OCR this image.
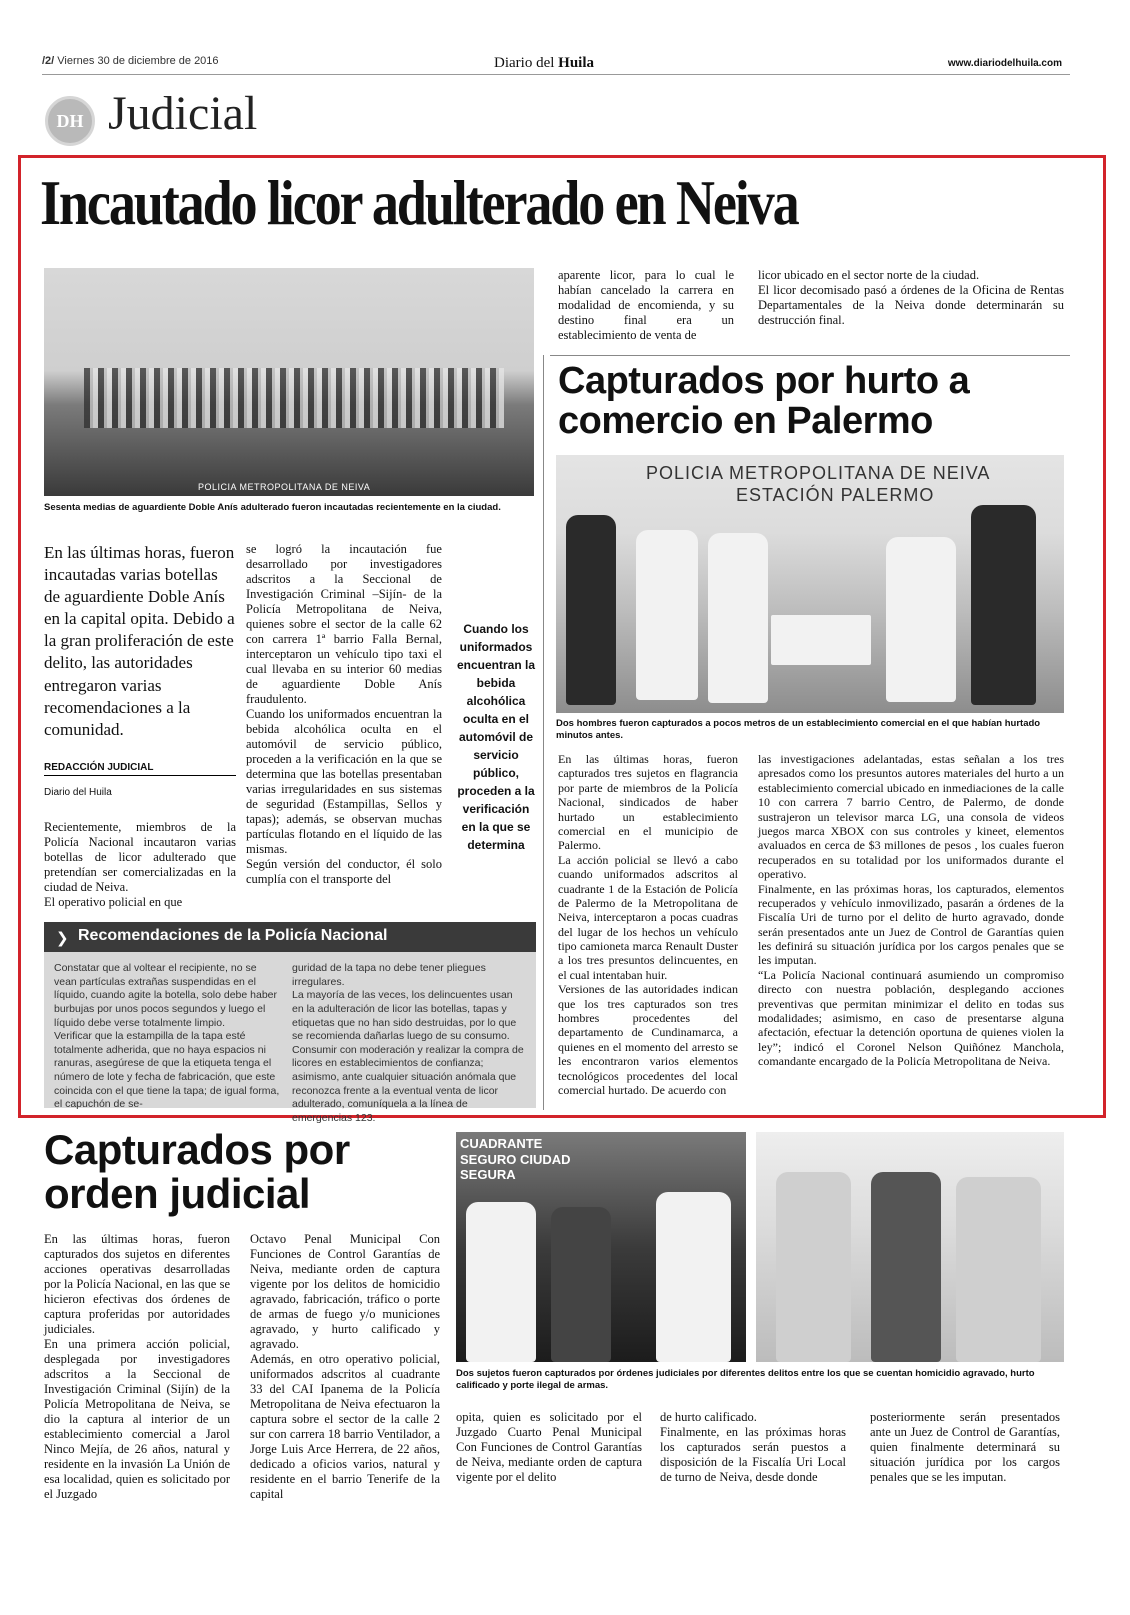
/2/ Viernes 30 de diciembre de 2016	Diario del Huila	www.diariodelhuila.com
DH Judicial
Incautado licor adulterado en Neiva
POLICIA METROPOLITANA DE NEIVA
Sesenta medias de aguardiente Doble Anís adulterado fueron incautadas recientemente en la ciudad.
En las últimas horas, fueron incautadas varias botellas de aguardiente Doble Anís en la capital opita. Debido a la gran proliferación de este delito, las autoridades entregaron varias recomendaciones a la comunidad.
REDACCIÓN JUDICIAL
Diario del Huila
Recientemente, miembros de la Policía Nacional incautaron varias botellas de licor adulterado que pretendían ser comercializadas en la ciudad de Neiva.
El operativo policial en que
se logró la incautación fue desarrollado por investigadores adscritos a la Seccional de Investigación Criminal –Sijín- de la Policía Metropolitana de Neiva, quienes sobre el sector de la calle 62 con carrera 1ª barrio Falla Bernal, interceptaron un vehículo tipo taxi el cual llevaba en su interior 60 medias de aguardiente Doble Anís fraudulento.
Cuando los uniformados encuentran la bebida alcohólica oculta en el automóvil de servicio público, proceden a la verificación en la que se determina que las botellas presentaban varias irregularidades en sus sistemas de seguridad (Estampillas, Sellos y tapas); además, se observan muchas partículas flotando en el líquido de las mismas.
Según versión del conductor, él solo cumplía con el transporte del
Cuando los uniformados encuentran la bebida alcohólica oculta en el automóvil de servicio público, proceden a la verificación en la que se determina
aparente licor, para lo cual le habían cancelado la carrera en modalidad de encomienda, y su destino final era un establecimiento de venta de
licor ubicado en el sector norte de la ciudad.
El licor decomisado pasó a órdenes de la Oficina de Rentas Departamentales de la Neiva donde determinarán su destrucción final.
Recomendaciones de la Policía Nacional
❯
Constatar que al voltear el recipiente, no se vean partículas extrañas suspendidas en el líquido, cuando agite la botella, solo debe haber burbujas por unos pocos segundos y luego el líquido debe verse totalmente limpio.
Verificar que la estampilla de la tapa esté totalmente adherida, que no haya espacios ni ranuras, asegúrese de que la etiqueta tenga el número de lote y fecha de fabricación, que este coincida con el que tiene la tapa; de igual forma, el capuchón de se-
guridad de la tapa no debe tener pliegues irregulares.
La mayoría de las veces, los delincuentes usan en la adulteración de licor las botellas, tapas y etiquetas que no han sido destruidas, por lo que se recomienda dañarlas luego de su consumo.
Consumir con moderación y realizar la compra de licores en establecimientos de confianza; asimismo, ante cualquier situación anómala que reconozca frente a la eventual venta de licor adulterado, comuníquela a la línea de emergencias 123.
Capturados por hurto a comercio en Palermo
POLICIA METROPOLITANA DE NEIVA
ESTACIÓN PALERMO
Dos hombres fueron capturados a pocos metros de un establecimiento comercial en el que habían hurtado minutos antes.
En las últimas horas, fueron capturados tres sujetos en flagrancia por parte de miembros de la Policía Nacional, sindicados de haber hurtado un establecimiento comercial en el municipio de Palermo.
La acción policial se llevó a cabo cuando uniformados adscritos al cuadrante 1 de la Estación de Policía de Palermo de la Metropolitana de Neiva, interceptaron a pocas cuadras del lugar de los hechos un vehículo tipo camioneta marca Renault Duster a los tres presuntos delincuentes, en el cual intentaban huir.
Versiones de las autoridades indican que los tres capturados son tres hombres procedentes del departamento de Cundinamarca, a quienes en el momento del arresto se les encontraron varios elementos tecnológicos procedentes del local comercial hurtado. De acuerdo con
las investigaciones adelantadas, estas señalan a los tres apresados como los presuntos autores materiales del hurto a un establecimiento comercial ubicado en inmediaciones de la calle 10 con carrera 7 barrio Centro, de Palermo, de donde sustrajeron un televisor marca LG, una consola de videos juegos marca XBOX con sus controles y kineet, elementos avaluados en cerca de $3 millones de pesos , los cuales fueron recuperados en su totalidad por los uniformados durante el operativo.
Finalmente, en las próximas horas, los capturados, elementos recuperados y vehículo inmovilizado, pasarán a órdenes de la Fiscalía Uri de turno por el delito de hurto agravado, donde serán presentados ante un Juez de Control de Garantías quien les definirá su situación jurídica por los cargos penales que se les imputan.
“La Policía Nacional continuará asumiendo un compromiso directo con nuestra población, desplegando acciones preventivas que permitan minimizar el delito en todas sus modalidades; asimismo, en caso de presentarse alguna afectación, efectuar la detención oportuna de quienes violen la ley”; indicó el Coronel Nelson Quiñónez Manchola, comandante encargado de la Policía Metropolitana de Neiva.
Capturados por orden judicial
CUADRANTE SEGURO CIUDAD SEGURA
Dos sujetos fueron capturados por órdenes judiciales por diferentes delitos entre los que se cuentan homicidio agravado, hurto calificado y porte ilegal de armas.
En las últimas horas, fueron capturados dos sujetos en diferentes acciones operativas desarrolladas por la Policía Nacional, en las que se hicieron efectivas dos órdenes de captura proferidas por autoridades judiciales.
En una primera acción policial, desplegada por investigadores adscritos a la Seccional de Investigación Criminal (Sijín) de la Policía Metropolitana de Neiva, se dio la captura al interior de un establecimiento comercial a Jarol Ninco Mejía, de 26 años, natural y residente en la invasión La Unión de esa localidad, quien es solicitado por el Juzgado
Octavo Penal Municipal Con Funciones de Control Garantías de Neiva, mediante orden de captura vigente por los delitos de homicidio agravado, fabricación, tráfico o porte de armas de fuego y/o municiones agravado, y hurto calificado y agravado.
Además, en otro operativo policial, uniformados adscritos al cuadrante 33 del CAI Ipanema de la Policía Metropolitana de Neiva efectuaron la captura sobre el sector de la calle 2 sur con carrera 18 barrio Ventilador, a Jorge Luis Arce Herrera, de 22 años, dedicado a oficios varios, natural y residente en el barrio Tenerife de la capital
opita, quien es solicitado por el Juzgado Cuarto Penal Municipal Con Funciones de Control Garantías de Neiva, mediante orden de captura vigente por el delito
de hurto calificado.
Finalmente, en las próximas horas los capturados serán puestos a disposición de la Fiscalía Uri Local de turno de Neiva, desde donde
posteriormente serán presentados ante un Juez de Control de Garantías, quien finalmente determinará su situación jurídica por los cargos penales que se les imputan.
